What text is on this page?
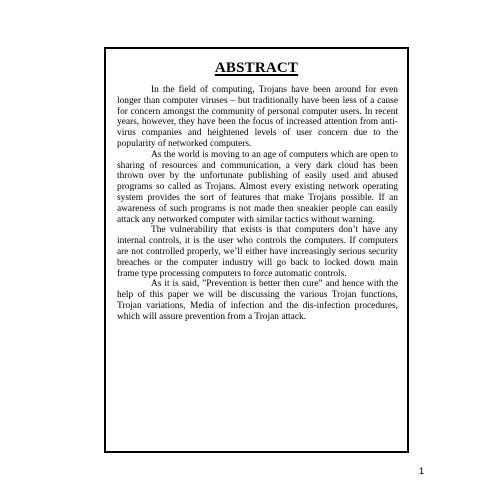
ABSTRACT

In the field of computing, Trojans have been around for even longer than computer viruses – but traditionally have been less of a cause for concern amongst the community of personal computer users. In recent years, however, they have been the focus of increased attention from anti-virus companies and heightened levels of user concern due to the popularity of networked computers.

As the world is moving to an age of computers which are open to sharing of resources and communication, a very dark cloud has been thrown over by the unfortunate publishing of easily used and abused programs so called as Trojans. Almost every existing network operating system provides the sort of features that make Trojans possible. If an awareness of such programs is not made then sneakier people can easily attack any networked computer with similar tactics without warning.

The vulnerability that exists is that computers don’t have any internal controls, it is the user who controls the computers. If computers are not controlled properly, we’ll either have increasingly serious security breaches or the computer industry will go back to locked down main frame type processing computers to force automatic controls.

As it is said, ”Prevention is better then cure” and hence with the help of this paper we will be discussing the various Trojan functions, Trojan variations, Media of infection and the dis-infection procedures, which will assure prevention from a Trojan attack.

1
